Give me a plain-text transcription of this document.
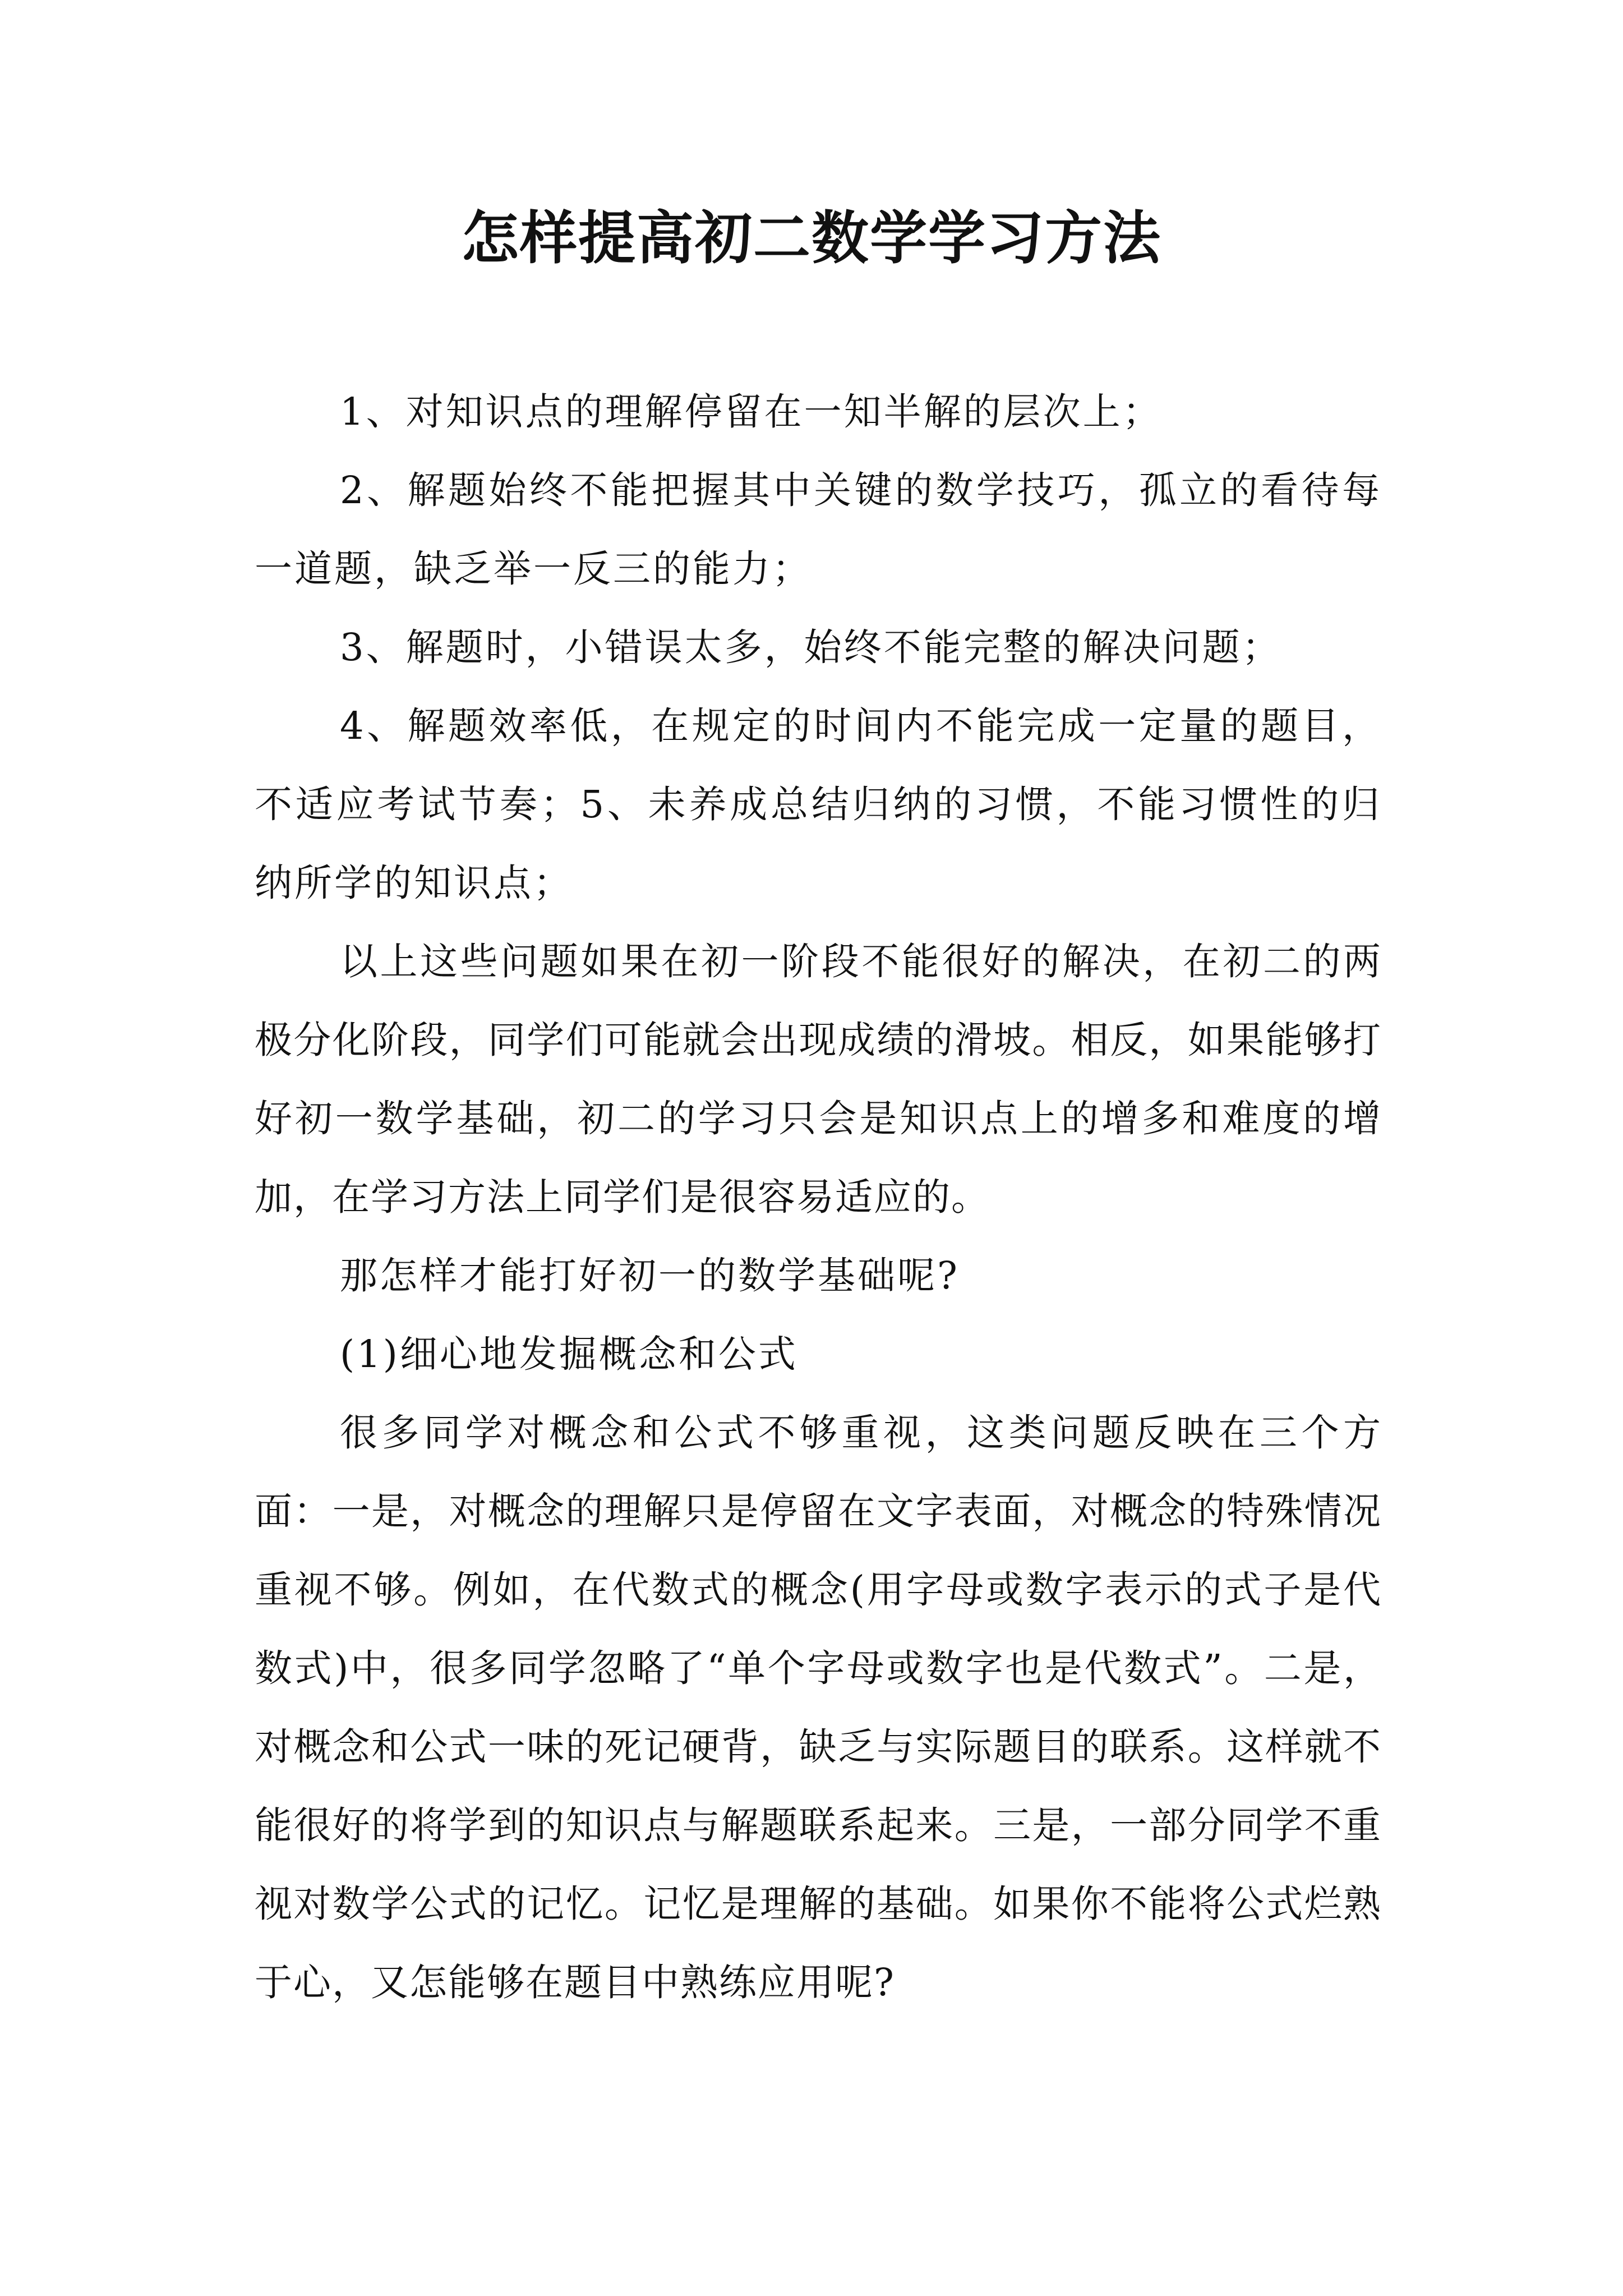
怎样提高初二数学学习方法

1、对知识点的理解停留在一知半解的层次上；

2、解题始终不能把握其中关键的数学技巧，孤立的看待每一道题，缺乏举一反三的能力；

3、解题时，小错误太多，始终不能完整的解决问题；

4、解题效率低，在规定的时间内不能完成一定量的题目，不适应考试节奏；5、未养成总结归纳的习惯，不能习惯性的归纳所学的知识点；

以上这些问题如果在初一阶段不能很好的解决，在初二的两极分化阶段，同学们可能就会出现成绩的滑坡。相反，如果能够打好初一数学基础，初二的学习只会是知识点上的增多和难度的增加，在学习方法上同学们是很容易适应的。

那怎样才能打好初一的数学基础呢?

(1)细心地发掘概念和公式

很多同学对概念和公式不够重视，这类问题反映在三个方面：一是，对概念的理解只是停留在文字表面，对概念的特殊情况重视不够。例如，在代数式的概念(用字母或数字表示的式子是代数式)中，很多同学忽略了“单个字母或数字也是代数式”。二是，对概念和公式一味的死记硬背，缺乏与实际题目的联系。这样就不能很好的将学到的知识点与解题联系起来。三是，一部分同学不重视对数学公式的记忆。记忆是理解的基础。如果你不能将公式烂熟于心，又怎能够在题目中熟练应用呢?
